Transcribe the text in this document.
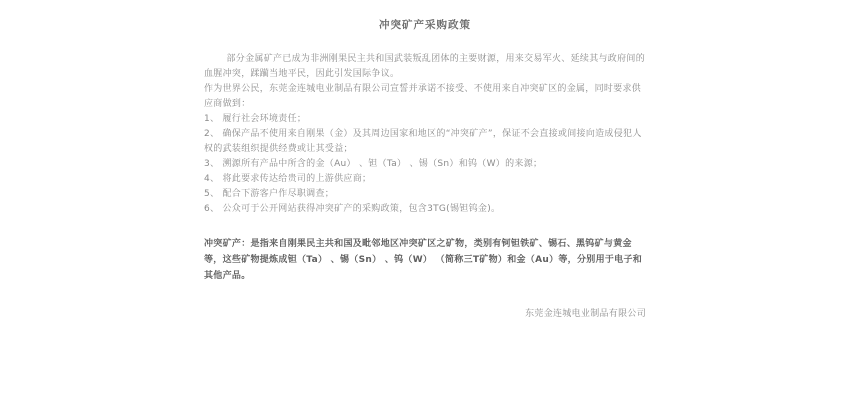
冲突矿产采购政策

部分金属矿产已成为非洲刚果民主共和国武装叛乱团体的主要财源，用来交易军火、延续其与政府间的血腥冲突，蹂躏当地平民，因此引发国际争议。

作为世界公民，东莞金连城电业制品有限公司宣誓并承诺不接受、不使用来自冲突矿区的金属，同时要求供应商做到：

1、 履行社会环境责任；

2、 确保产品不使用来自刚果（金）及其周边国家和地区的“冲突矿产”，保证不会直接或间接向造成侵犯人权的武装组织提供经费或让其受益；

3、 溯源所有产品中所含的金（Au） 、钽（Ta） 、锡（Sn）和钨（W）的来源；

4、 将此要求传达给贵司的上游供应商；

5、 配合下游客户作尽职调查；

6、 公众可于公开网站获得冲突矿产的采购政策，包含3TG(锡钽钨金)。

冲突矿产：是指来自刚果民主共和国及毗邻地区冲突矿区之矿物，类别有钶钽铁矿、锡石、黑钨矿与黄金等，这些矿物提炼成钽（Ta） 、锡（Sn） 、钨（W） （简称三T矿物）和金（Au）等，分别用于电子和其他产品。

东莞金连城电业制品有限公司
